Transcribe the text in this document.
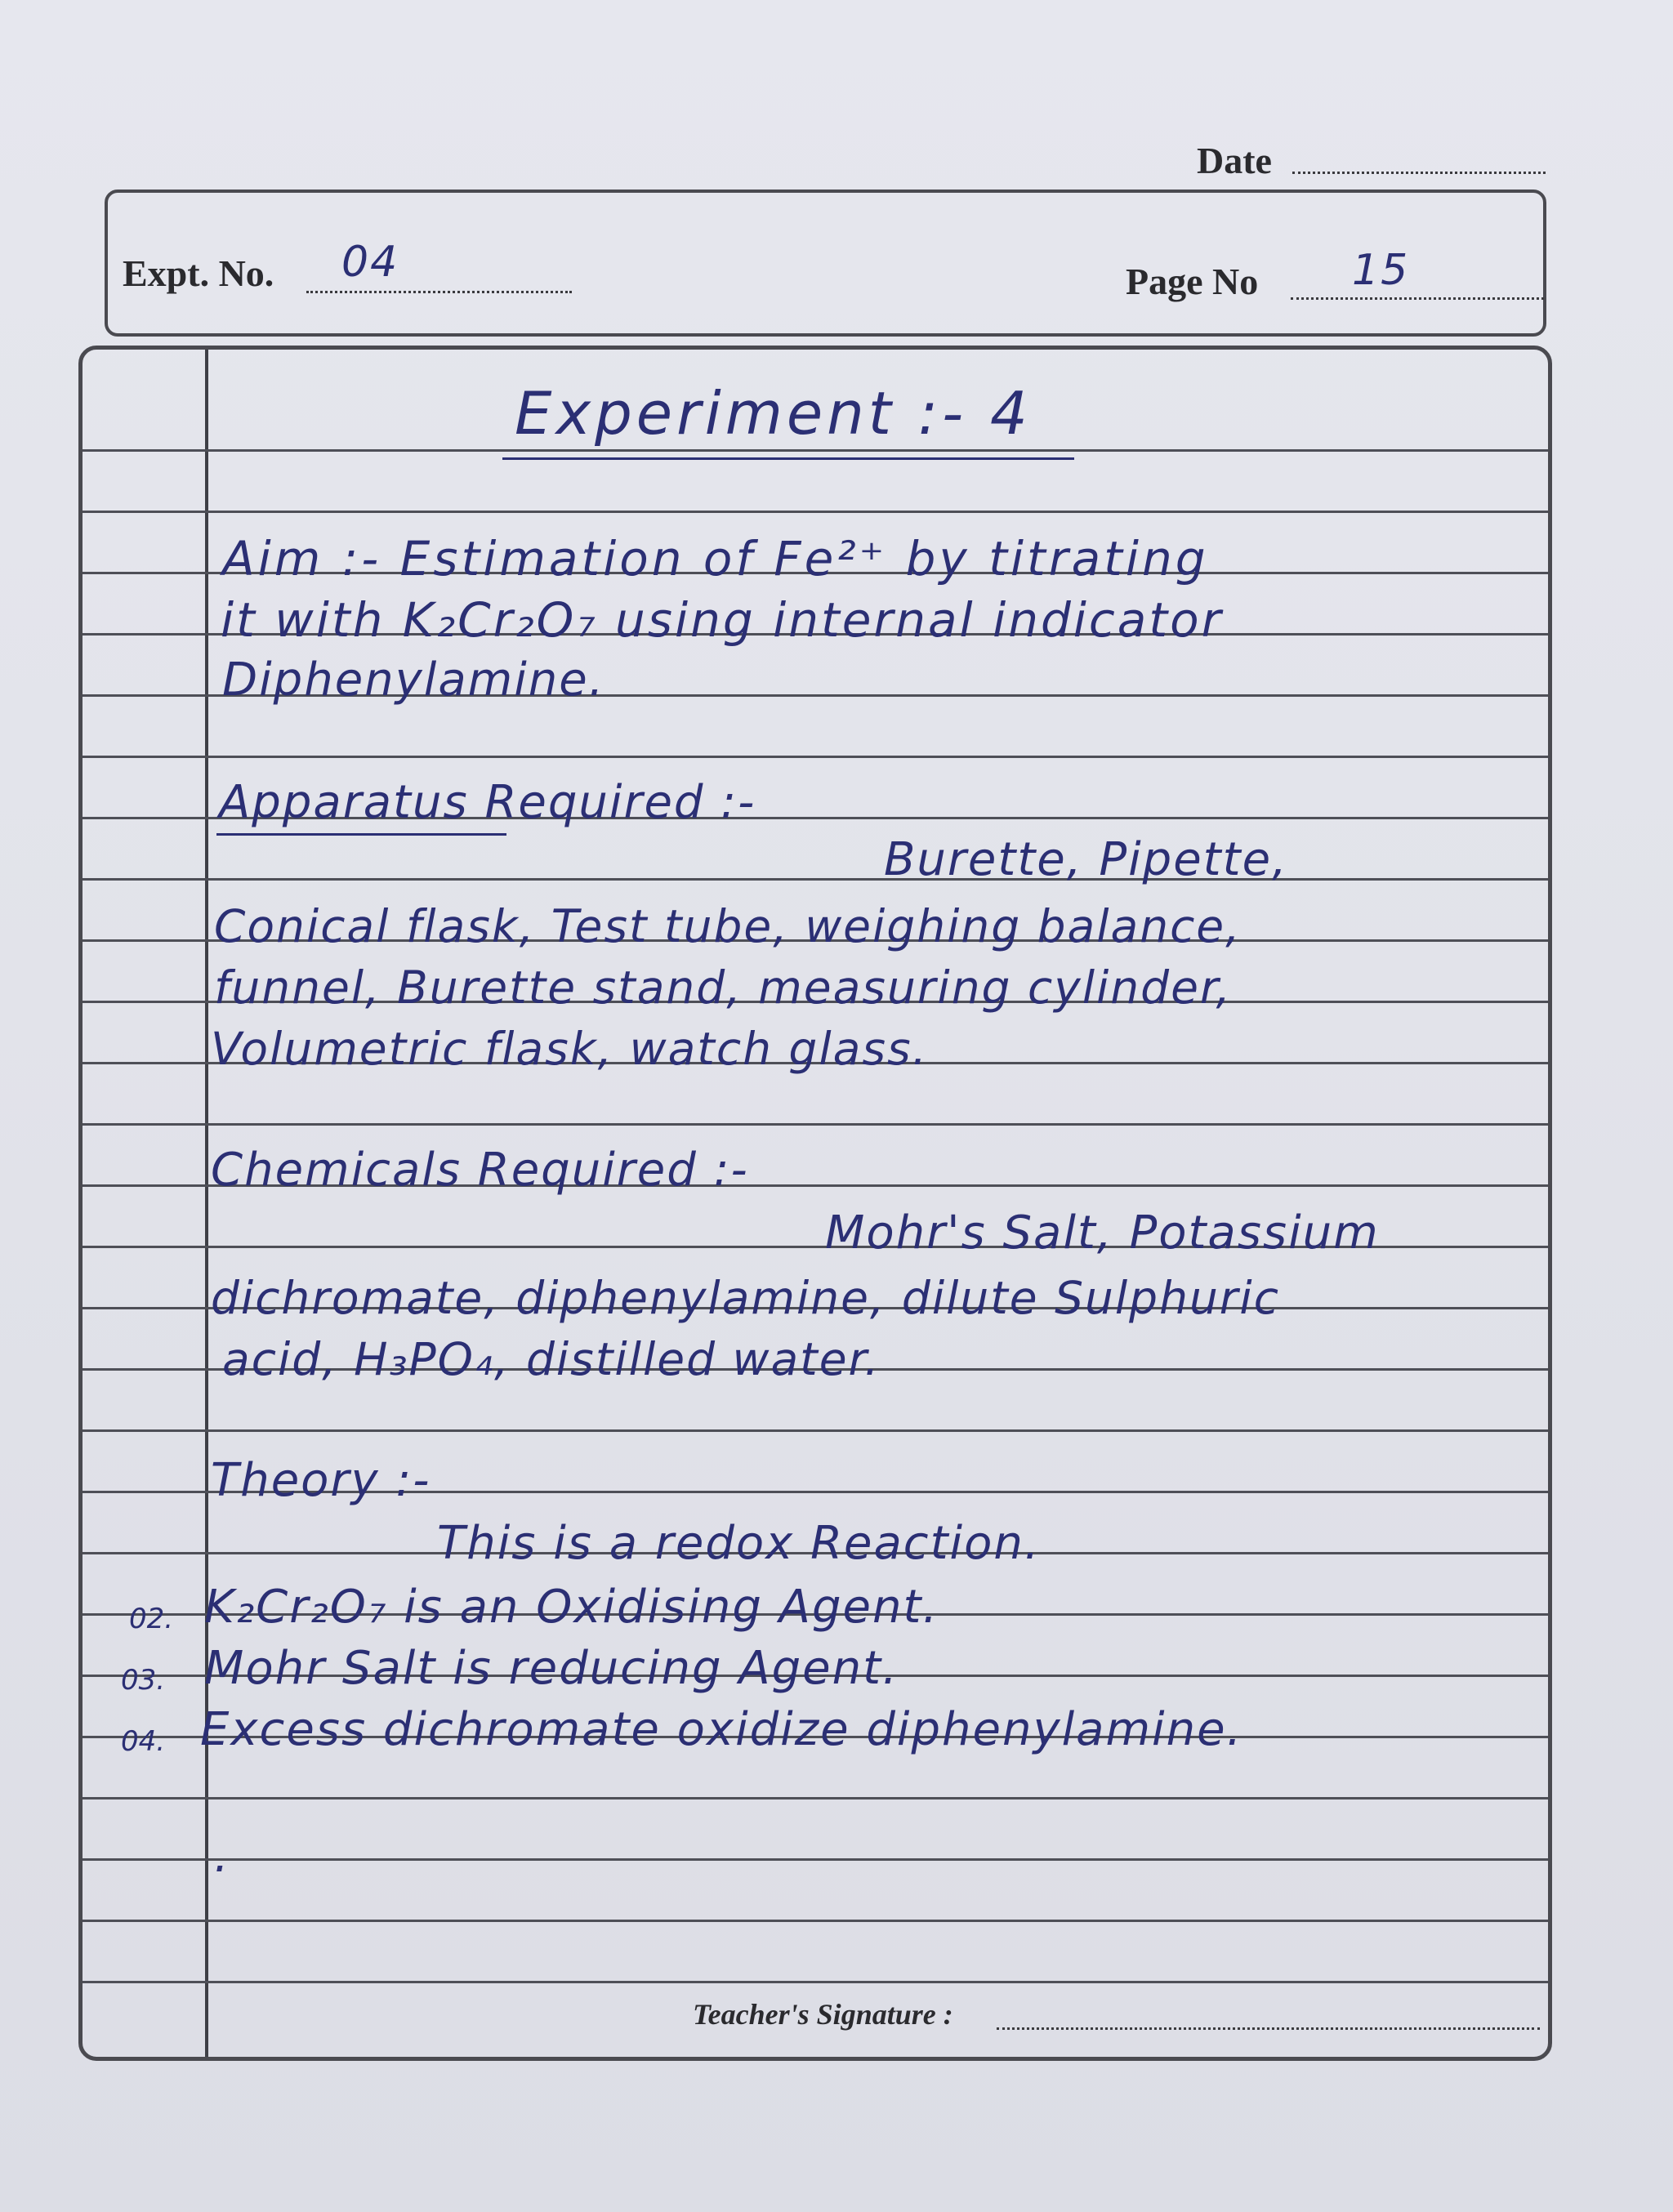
Date
Expt. No. 04	Page No 15
Experiment :- 4
Aim :- Estimation of Fe²⁺ by titrating
it with K₂Cr₂O₇ using internal indicator
Diphenylamine.
Apparatus Required :-
Burette, Pipette,
Conical flask, Test tube, weighing balance,
funnel, Burette stand, measuring cylinder,
Volumetric flask, watch glass.
Chemicals Required :-
Mohr's Salt, Potassium
dichromate, diphenylamine, dilute Sulphuric
acid, H₃PO₄, distilled water.
Theory :-
This is a redox Reaction.
02. K₂Cr₂O₇ is an Oxidising Agent.
03. Mohr Salt is reducing Agent.
04. Excess dichromate oxidize diphenylamine.
.
Teacher's Signature :
